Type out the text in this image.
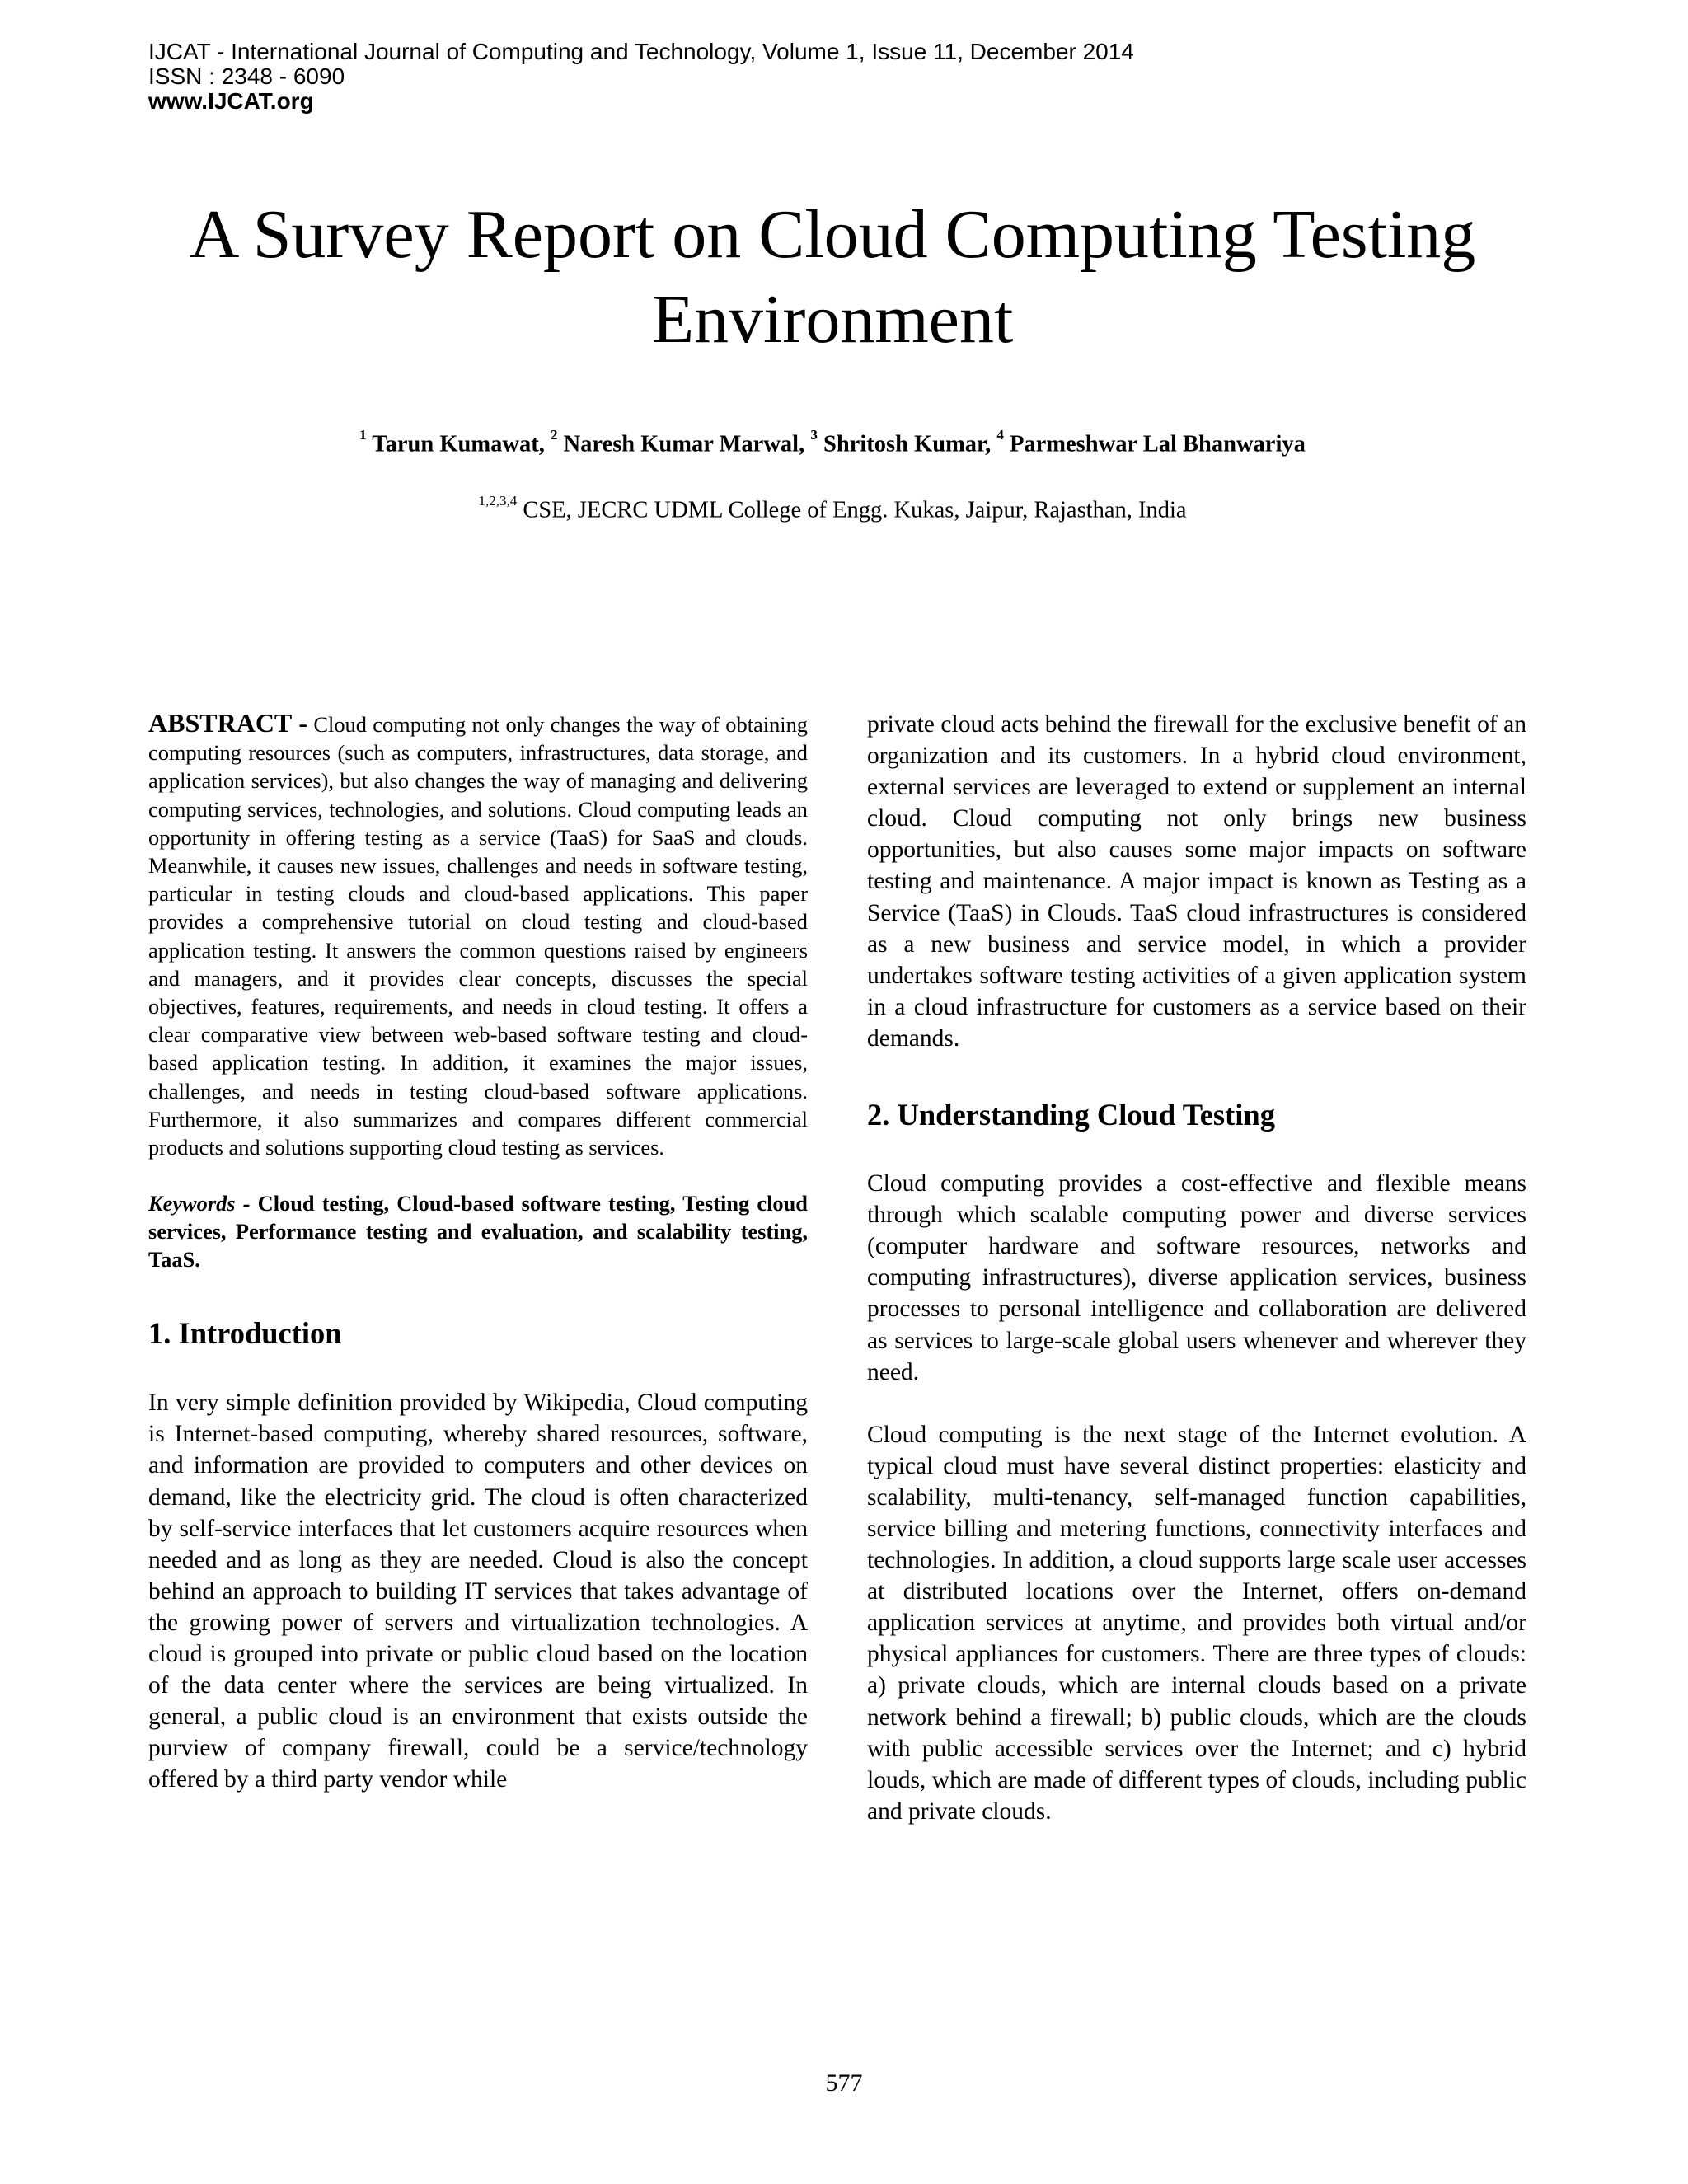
IJCAT - International Journal of Computing and Technology, Volume 1, Issue 11, December 2014
ISSN : 2348 - 6090
www.IJCAT.org
A Survey Report on Cloud Computing Testing
Environment
$^1$ Tarun Kumawat, $^2$ Naresh Kumar Marwal, $^3$ Shritosh Kumar, $^4$ Parmeshwar Lal Bhanwariya
$^{1,2,3,4}$ CSE, JECRC UDML College of Engg. Kukas, Jaipur, Rajasthan, India

ABSTRACT - Cloud computing not only changes the way of obtaining computing resources (such as computers, infrastructures, data storage, and application services), but also changes the way of managing and delivering computing services, technologies, and solutions. Cloud computing leads an opportunity in offering testing as a service (TaaS) for SaaS and clouds. Meanwhile, it causes new issues, challenges and needs in software testing, particular in testing clouds and cloud-based applications. This paper provides a comprehensive tutorial on cloud testing and cloud-based application testing. It answers the common questions raised by engineers and managers, and it provides clear concepts, discusses the special objectives, features, requirements, and needs in cloud testing. It offers a clear comparative view between web-based software testing and cloud-based application testing. In addition, it examines the major issues, challenges, and needs in testing cloud-based software applications. Furthermore, it also summarizes and compares different commercial products and solutions supporting cloud testing as services.

Keywords - Cloud testing, Cloud-based software testing, Testing cloud services, Performance testing and evaluation, and scalability testing, TaaS.

1. Introduction

In very simple definition provided by Wikipedia, Cloud computing is Internet-based computing, whereby shared resources, software, and information are provided to computers and other devices on demand, like the electricity grid. The cloud is often characterized by self-service interfaces that let customers acquire resources when needed and as long as they are needed. Cloud is also the concept behind an approach to building IT services that takes advantage of the growing power of servers and virtualization technologies. A cloud is grouped into private or public cloud based on the location of the data center where the services are being virtualized. In general, a public cloud is an environment that exists outside the purview of company firewall, could be a service/technology offered by a third party vendor while

private cloud acts behind the firewall for the exclusive benefit of an organization and its customers. In a hybrid cloud environment, external services are leveraged to extend or supplement an internal cloud. Cloud computing not only brings new business opportunities, but also causes some major impacts on software testing and maintenance. A major impact is known as Testing as a Service (TaaS) in Clouds. TaaS cloud infrastructures is considered as a new business and service model, in which a provider undertakes software testing activities of a given application system in a cloud infrastructure for customers as a service based on their demands.

2. Understanding Cloud Testing

Cloud computing provides a cost-effective and flexible means through which scalable computing power and diverse services (computer hardware and software resources, networks and computing infrastructures), diverse application services, business processes to personal intelligence and collaboration are delivered as services to large-scale global users whenever and wherever they need.

Cloud computing is the next stage of the Internet evolution. A typical cloud must have several distinct properties: elasticity and scalability, multi-tenancy, self-managed function capabilities, service billing and metering functions, connectivity interfaces and technologies. In addition, a cloud supports large scale user accesses at distributed locations over the Internet, offers on-demand application services at anytime, and provides both virtual and/or physical appliances for customers. There are three types of clouds: a) private clouds, which are internal clouds based on a private network behind a firewall; b) public clouds, which are the clouds with public accessible services over the Internet; and c) hybrid louds, which are made of different types of clouds, including public and private clouds.

577
